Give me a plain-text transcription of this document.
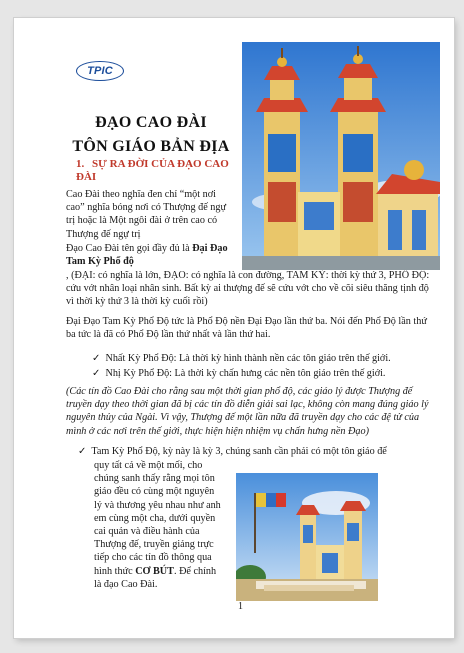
TPIC
ĐẠO CAO ĐÀI
TÔN GIÁO BẢN ĐỊA
1. SỰ RA ĐỜI CỦA ĐẠO CAO ĐÀI
Cao Đài theo nghĩa đen chỉ “một nơi cao” nghĩa bóng nơi có Thượng đế ngự trị hoặc là Một ngôi đài ở trên cao có Thượng đế ngự trị
Đạo Cao Đài tên gọi đầy đủ là Đại Đạo Tam Kỳ Phổ độ
, (ĐẠI: có nghĩa là lớn, ĐẠO: có nghĩa là con đường, TAM KỲ: thời kỳ thứ 3, PHỔ ĐỘ: cứu vớt nhân loại nhân sinh. Bất kỳ ai thượng đế sẽ cứu vớt cho về cõi siêu thăng tịnh độ vì thời kỳ thứ 3 là thời kỳ cuối rồi)
Đại Đạo Tam Kỳ Phổ Độ tức là Phổ Độ nền Đại Đạo lần thứ ba. Nói đến Phổ Độ lần thứ ba tức là đã có Phổ Độ lần thứ nhất và lần thứ hai.
✓ Nhất Kỳ Phổ Độ: Là thời kỳ hình thành nền các tôn giáo trên thế giới.
✓ Nhị Kỳ Phổ Độ: Là thời kỳ chấn hưng các nền tôn giáo trên thế giới.
(Các tín đồ Cao Đài cho rằng sau một thời gian phổ độ, các giáo lý được Thượng đế truyền dạy theo thời gian đã bị các tín đồ diễn giải sai lạc, không còn mang đúng giáo lý nguyên thủy của Ngài. Vì vậy, Thượng đế một lần nữa đã truyền dạy cho các đệ tử của mình ở các nơi trên thế giới, thực hiện hiện nhiệm vụ chấn hưng nền Đạo)
✓ Tam Kỳ Phổ Độ, kỳ này là kỳ 3, chúng sanh cần phải có một tôn giáo để
quy tất cả về một mối, cho
chúng sanh thấy rằng mọi tôn
giáo đều có cùng một nguyên
lý và thương yêu nhau như anh
em cùng một cha, dưới quyền
cai quản và điều hành của
Thượng đế, truyền giảng trực
tiếp cho các tín đồ thông qua
hình thức CƠ BÚT. Để chính
là đạo Cao Đài.
1
